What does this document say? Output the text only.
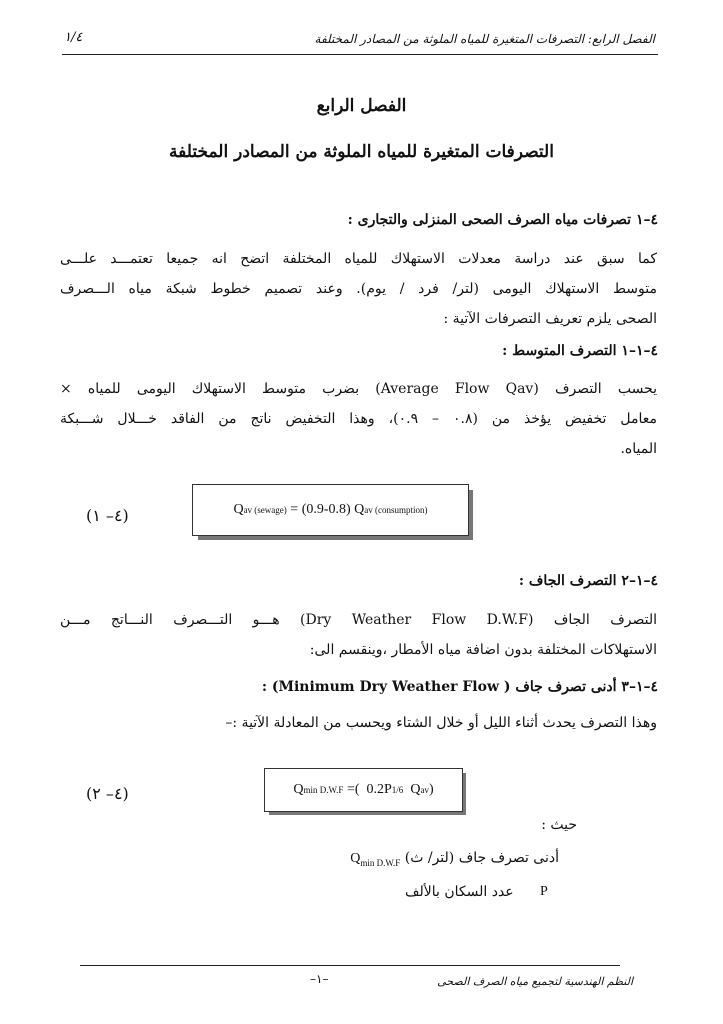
١/٤	الفصل الرابع: التصرفات المتغيرة للمياه الملوثة من المصادر المختلفة
الفصل الرابع
التصرفات المتغيرة للمياه الملوثة من المصادر المختلفة
٤–١ تصرفات مياه الصرف الصحى المنزلى والتجارى :
كما سبق عند دراسة معدلات الاستهلاك للمياه المختلفة اتضح انه جميعا تعتمـــد علـــى
متوسط الاستهلاك اليومى (لتر/ فرد / يوم). وعند تصميم خطوط شبكة مياه الـــصرف
الصحى يلزم تعريف التصرفات الآتية :
٤–١–١ التصرف المتوسط :
يحسب التصرف (Average Flow Qav) بضرب متوسط الاستهلاك اليومى للمياه ×
معامل تخفيض يؤخذ من (٠.٨ – ٠.٩)، وهذا التخفيض ناتج من الفاقد خـــلال شـــبكة
المياه.
(٤– ١)	Q av (sewage) = (0.9-0.8) Q av (consumption)
٤–١–٢ التصرف الجاف :
التصرف الجاف (Dry Weather Flow D.W.F) هـــو التـــصرف النـــاتج مـــن
الاستهلاكات المختلفة بدون اضافة مياه الأمطار ،وينقسم الى:
٤–١–٣ أدنى تصرف جاف ( Minimum Dry Weather Flow) :
وهذا التصرف يحدث أثناء الليل أو خلال الشتاء ويحسب من المعادلة الآتية :–
(٤– ٢)	Q min D.W.F =(  0.2P 1/6 Q av )
حيث :
أدنى تصرف جاف (لتر/ ث) $Q_{min D.W.F}$
عدد السكان بالألف P
–١–	النظم الهندسية لتجميع مياه الصرف الصحى
